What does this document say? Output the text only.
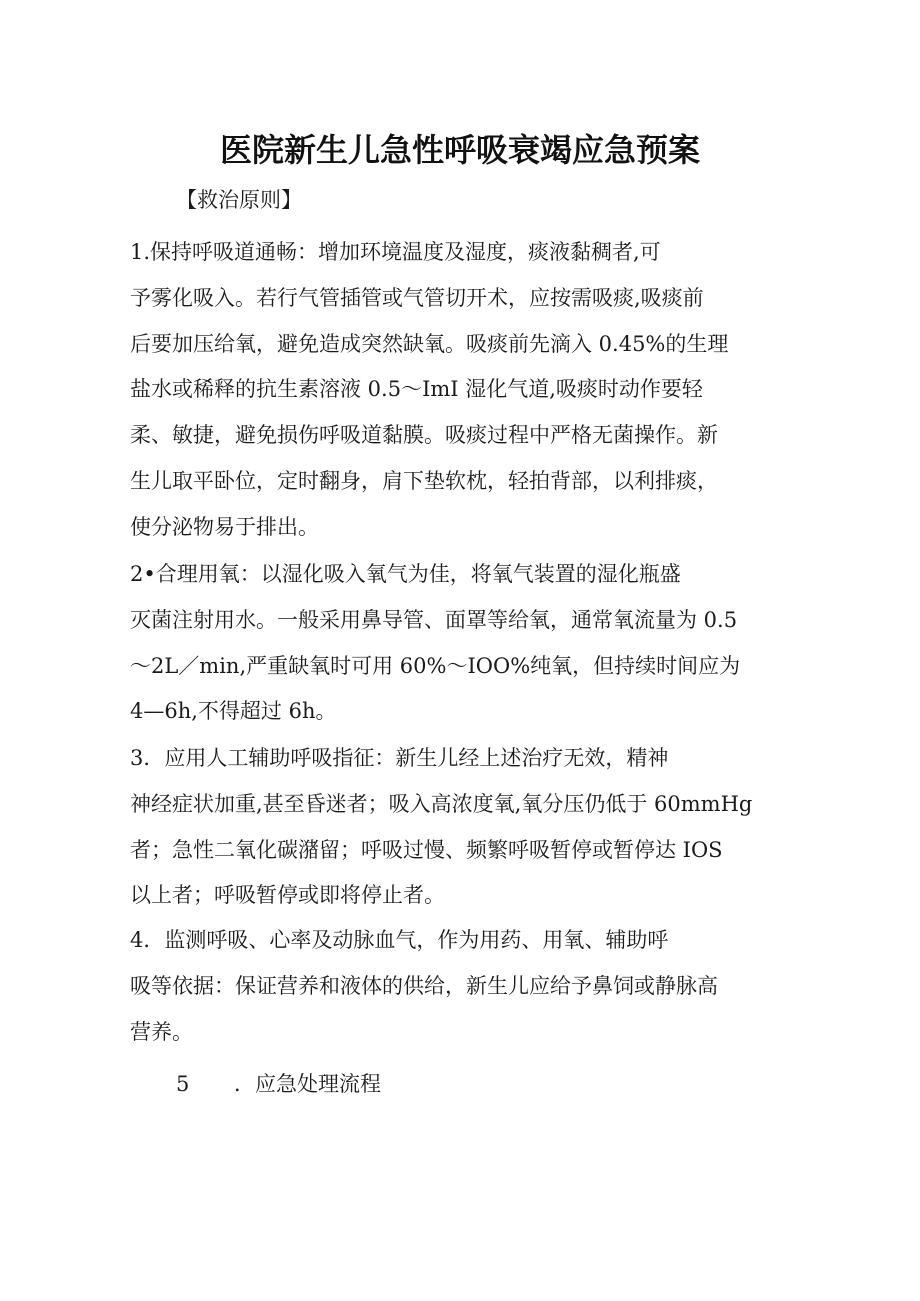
医院新生儿急性呼吸衰竭应急预案

【救治原则】

1.保持呼吸道通畅：增加环境温度及湿度，痰液黏稠者,可
予雾化吸入。若行气管插管或气管切开术，应按需吸痰,吸痰前
后要加压给氧，避免造成突然缺氧。吸痰前先滴入 0.45%的生理
盐水或稀释的抗生素溶液 0.5～ImI 湿化气道,吸痰时动作要轻
柔、敏捷，避免损伤呼吸道黏膜。吸痰过程中严格无菌操作。新
生儿取平卧位，定时翻身，肩下垫软枕，轻拍背部，以利排痰，
使分泌物易于排出。

2•合理用氧：以湿化吸入氧气为佳，将氧气装置的湿化瓶盛
灭菌注射用水。一般采用鼻导管、面罩等给氧，通常氧流量为 0.5
～2L／min,严重缺氧时可用 60%～IOO%纯氧，但持续时间应为
4—6h,不得超过 6h。

3．应用人工辅助呼吸指征：新生儿经上述治疗无效，精神
神经症状加重,甚至昏迷者；吸入高浓度氧,氧分压仍低于 60mmHg
者；急性二氧化碳潴留；呼吸过慢、频繁呼吸暂停或暂停达 IOS
以上者；呼吸暂停或即将停止者。

4．监测呼吸、心率及动脉血气，作为用药、用氧、辅助呼
吸等依据：保证营养和液体的供给，新生儿应给予鼻饲或静脉高
营养。

5 ．应急处理流程
